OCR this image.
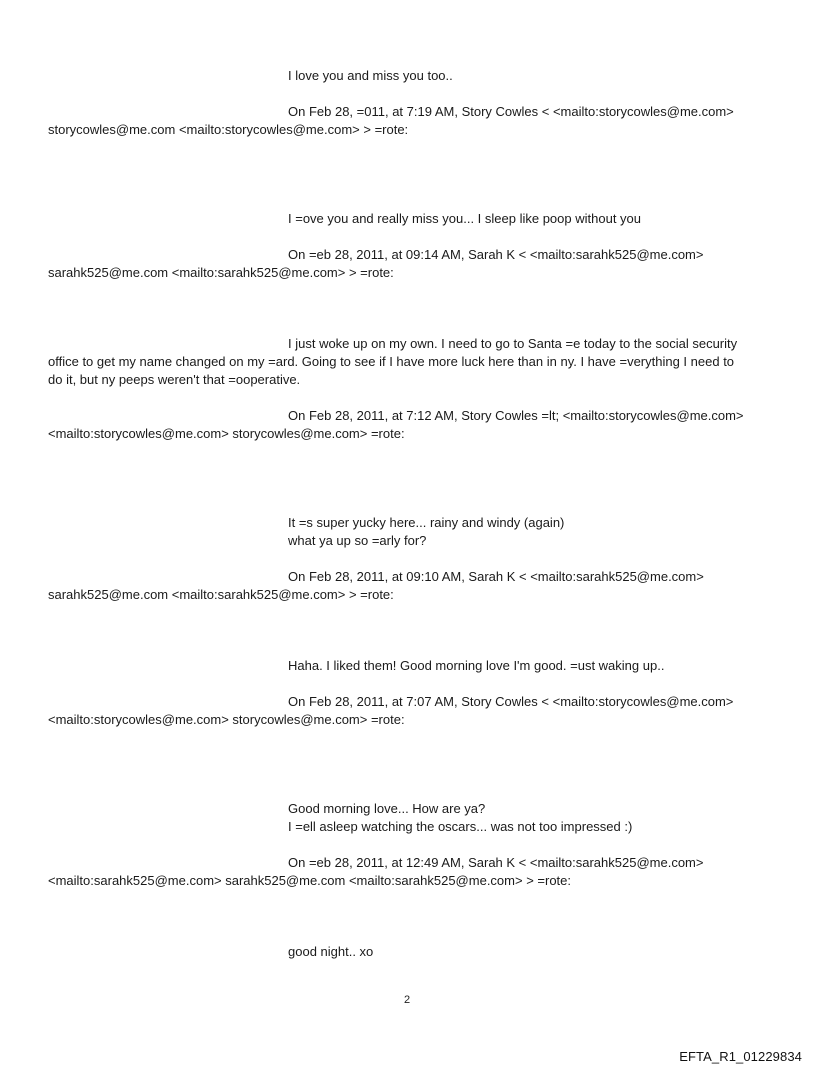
I love you and miss you too..
On Feb 28, =011, at 7:19 AM, Story Cowles < <mailto:storycowles@me.com>
storycowles@me.com <mailto:storycowles@me.com> > =rote:
I =ove you and really miss you... I sleep like poop without you
On =eb 28, 2011, at 09:14 AM, Sarah K < <mailto:sarahk525@me.com>
sarahk525@me.com <mailto:sarahk525@me.com> > =rote:
I just woke up on my own. I need to go to Santa =e today to the social security
office to get my name changed on my =ard. Going to see if I have more luck here than in ny. I have =verything I need to
do it, but ny peeps weren't that =ooperative.
On Feb 28, 2011, at 7:12 AM, Story Cowles =lt; <mailto:storycowles@me.com>
<mailto:storycowles@me.com> storycowles@me.com> =rote:
It =s super yucky here... rainy and windy (again)
what ya up so =arly for?
On Feb 28, 2011, at 09:10 AM, Sarah K < <mailto:sarahk525@me.com>
sarahk525@me.com <mailto:sarahk525@me.com> > =rote:
Haha. I liked them! Good morning love I'm good. =ust waking up..
On Feb 28, 2011, at 7:07 AM, Story Cowles < <mailto:storycowles@me.com>
<mailto:storycowles@me.com> storycowles@me.com> =rote:
Good morning love... How are ya?
I =ell asleep watching the oscars... was not too impressed :)
On =eb 28, 2011, at 12:49 AM, Sarah K < <mailto:sarahk525@me.com>
<mailto:sarahk525@me.com> sarahk525@me.com <mailto:sarahk525@me.com> > =rote:
good night.. xo
2
EFTA_R1_01229834
